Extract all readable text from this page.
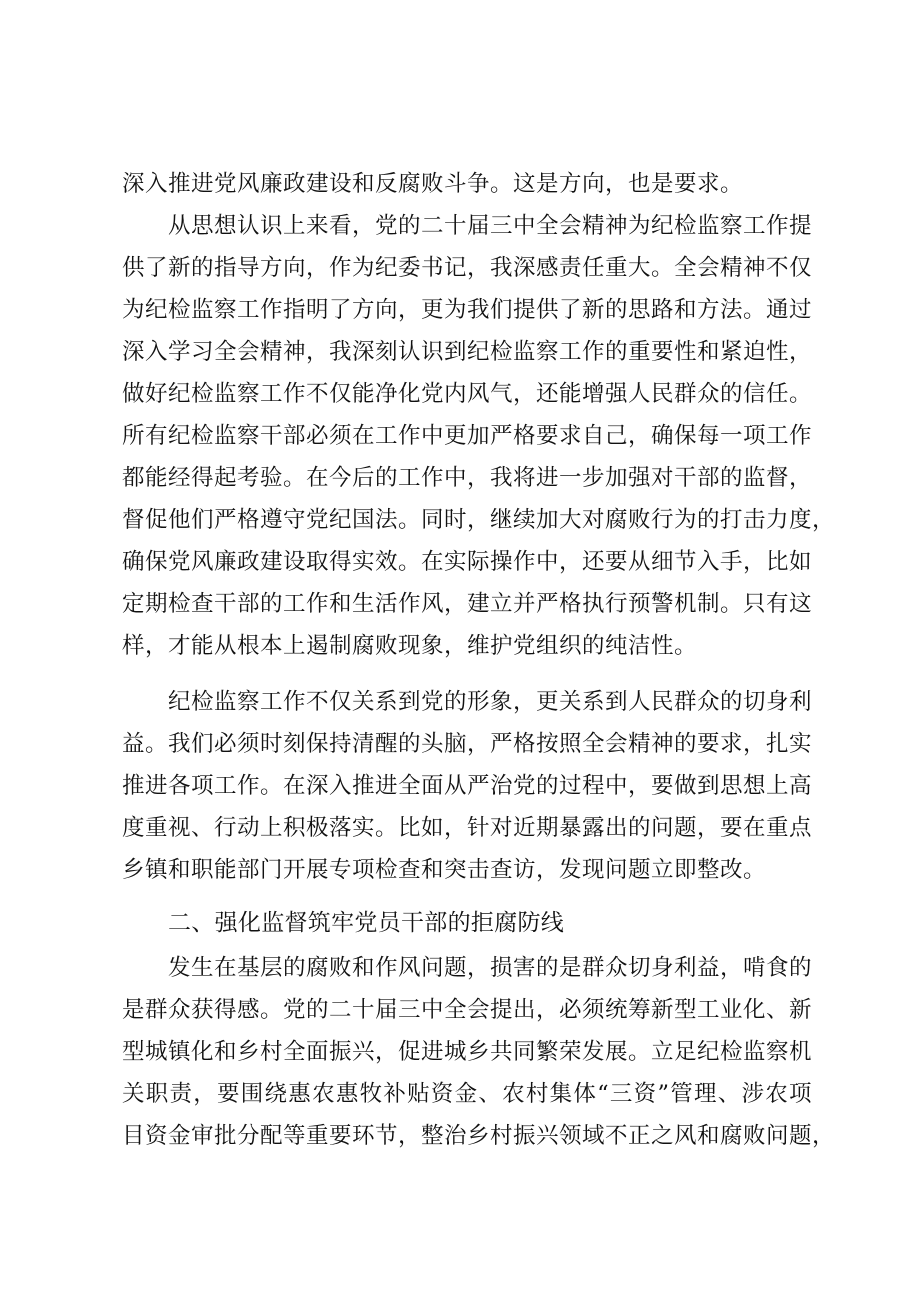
深入推进党风廉政建设和反腐败斗争。这是方向，也是要求。
从思想认识上来看，党的二十届三中全会精神为纪检监察工作提
供了新的指导方向，作为纪委书记，我深感责任重大。全会精神不仅
为纪检监察工作指明了方向，更为我们提供了新的思路和方法。通过
深入学习全会精神，我深刻认识到纪检监察工作的重要性和紧迫性，
做好纪检监察工作不仅能净化党内风气，还能增强人民群众的信任。
所有纪检监察干部必须在工作中更加严格要求自己，确保每一项工作
都能经得起考验。在今后的工作中，我将进一步加强对干部的监督，
督促他们严格遵守党纪国法。同时，继续加大对腐败行为的打击力度，
确保党风廉政建设取得实效。在实际操作中，还要从细节入手，比如
定期检查干部的工作和生活作风，建立并严格执行预警机制。只有这
样，才能从根本上遏制腐败现象，维护党组织的纯洁性。
纪检监察工作不仅关系到党的形象，更关系到人民群众的切身利
益。我们必须时刻保持清醒的头脑，严格按照全会精神的要求，扎实
推进各项工作。在深入推进全面从严治党的过程中，要做到思想上高
度重视、行动上积极落实。比如，针对近期暴露出的问题，要在重点
乡镇和职能部门开展专项检查和突击查访，发现问题立即整改。
二、强化监督筑牢党员干部的拒腐防线
发生在基层的腐败和作风问题，损害的是群众切身利益，啃食的
是群众获得感。党的二十届三中全会提出，必须统筹新型工业化、新
型城镇化和乡村全面振兴，促进城乡共同繁荣发展。立足纪检监察机
关职责，要围绕惠农惠牧补贴资金、农村集体“三资”管理、涉农项
目资金审批分配等重要环节，整治乡村振兴领域不正之风和腐败问题，
